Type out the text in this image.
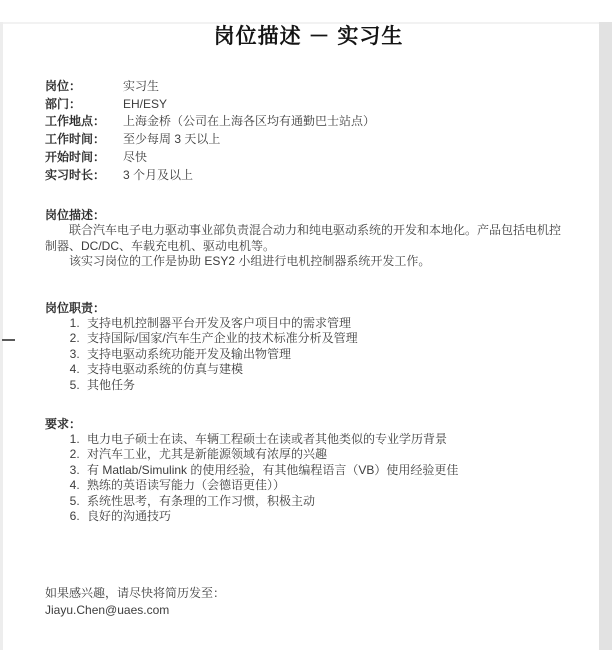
岗位描述 － 实习生
岗位：	实习生
部门：	EH/ESY
工作地点：	上海金桥（公司在上海各区均有通勤巴士站点）
工作时间：	至少每周 3 天以上
开始时间：	尽快
实习时长：	3 个月及以上
岗位描述：

联合汽车电子电力驱动事业部负责混合动力和纯电驱动系统的开发和本地化。产品包括电机控制器、DC/DC、车载充电机、驱动电机等。

该实习岗位的工作是协助 ESY2 小组进行电机控制器系统开发工作。

岗位职责：
1. 支持电机控制器平台开发及客户项目中的需求管理
2. 支持国际/国家/汽车生产企业的技术标准分析及管理
3. 支持电驱动系统功能开发及输出物管理
4. 支持电驱动系统的仿真与建模
5. 其他任务
要求：
1. 电力电子硕士在读、车辆工程硕士在读或者其他类似的专业学历背景
2. 对汽车工业，尤其是新能源领域有浓厚的兴趣
3. 有 Matlab/Simulink 的使用经验，有其他编程语言（VB）使用经验更佳
4. 熟练的英语读写能力（会德语更佳））
5. 系统性思考，有条理的工作习惯，积极主动
6. 良好的沟通技巧

如果感兴趣，请尽快将简历发至：

Jiayu.Chen@uaes.com
